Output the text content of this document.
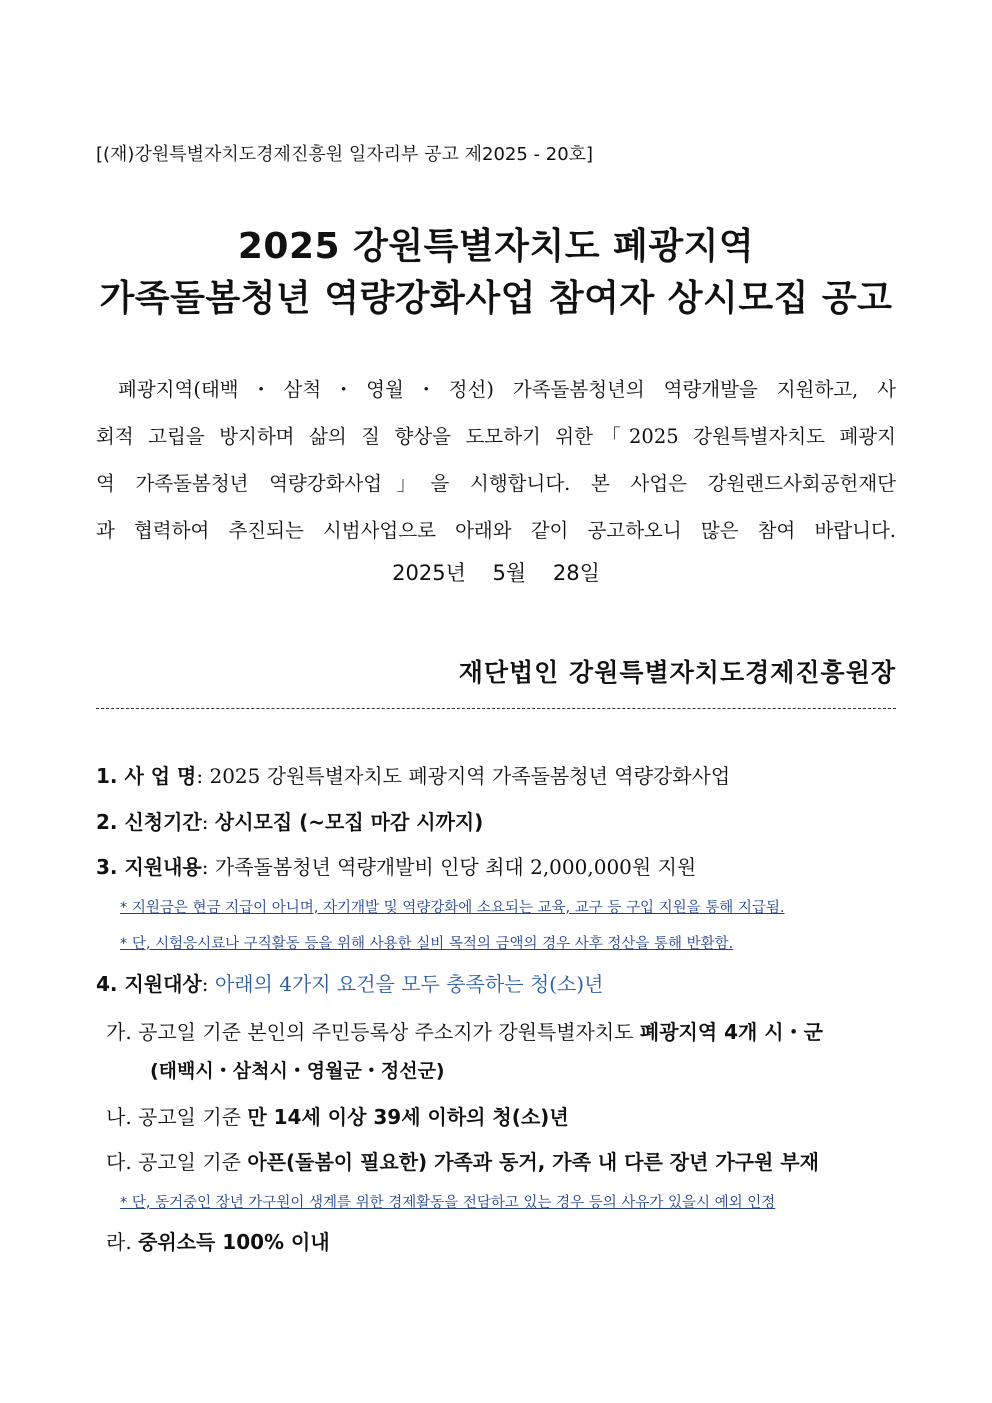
[(재)강원특별자치도경제진흥원 일자리부 공고 제2025 - 20호]
2025 강원특별자치도 폐광지역
가족돌봄청년 역량강화사업 참여자 상시모집 공고
폐광지역(태백・삼척・영월・정선) 가족돌봄청년의 역량개발을 지원하고, 사
회적 고립을 방지하며 삶의 질 향상을 도모하기 위한「2025 강원특별자치도 폐광지
역 가족돌봄청년 역량강화사업」을 시행합니다. 본 사업은 강원랜드사회공헌재단
과 협력하여 추진되는 시범사업으로 아래와 같이 공고하오니 많은 참여 바랍니다.
2025년 5월 28일
재단법인 강원특별자치도경제진흥원장
1. 사 업 명: 2025 강원특별자치도 폐광지역 가족돌봄청년 역량강화사업
2. 신청기간: 상시모집 (~모집 마감 시까지)
3. 지원내용: 가족돌봄청년 역량개발비 인당 최대 2,000,000원 지원
* 지원금은 현금 지급이 아니며, 자기개발 및 역량강화에 소요되는 교육, 교구 등 구입 지원을 통해 지급됨.
* 단, 시험응시료나 구직활동 등을 위해 사용한 실비 목적의 금액의 경우 사후 정산을 통해 반환함.
4. 지원대상: 아래의 4가지 요건을 모두 충족하는 청(소)년
가. 공고일 기준 본인의 주민등록상 주소지가 강원특별자치도 폐광지역 4개 시・군
(태백시・삼척시・영월군・정선군)
나. 공고일 기준 만 14세 이상 39세 이하의 청(소)년
다. 공고일 기준 아픈(돌봄이 필요한) 가족과 동거, 가족 내 다른 장년 가구원 부재
* 단, 동거중인 장년 가구원이 생계를 위한 경제활동을 전담하고 있는 경우 등의 사유가 있을시 예외 인정
라. 중위소득 100% 이내
